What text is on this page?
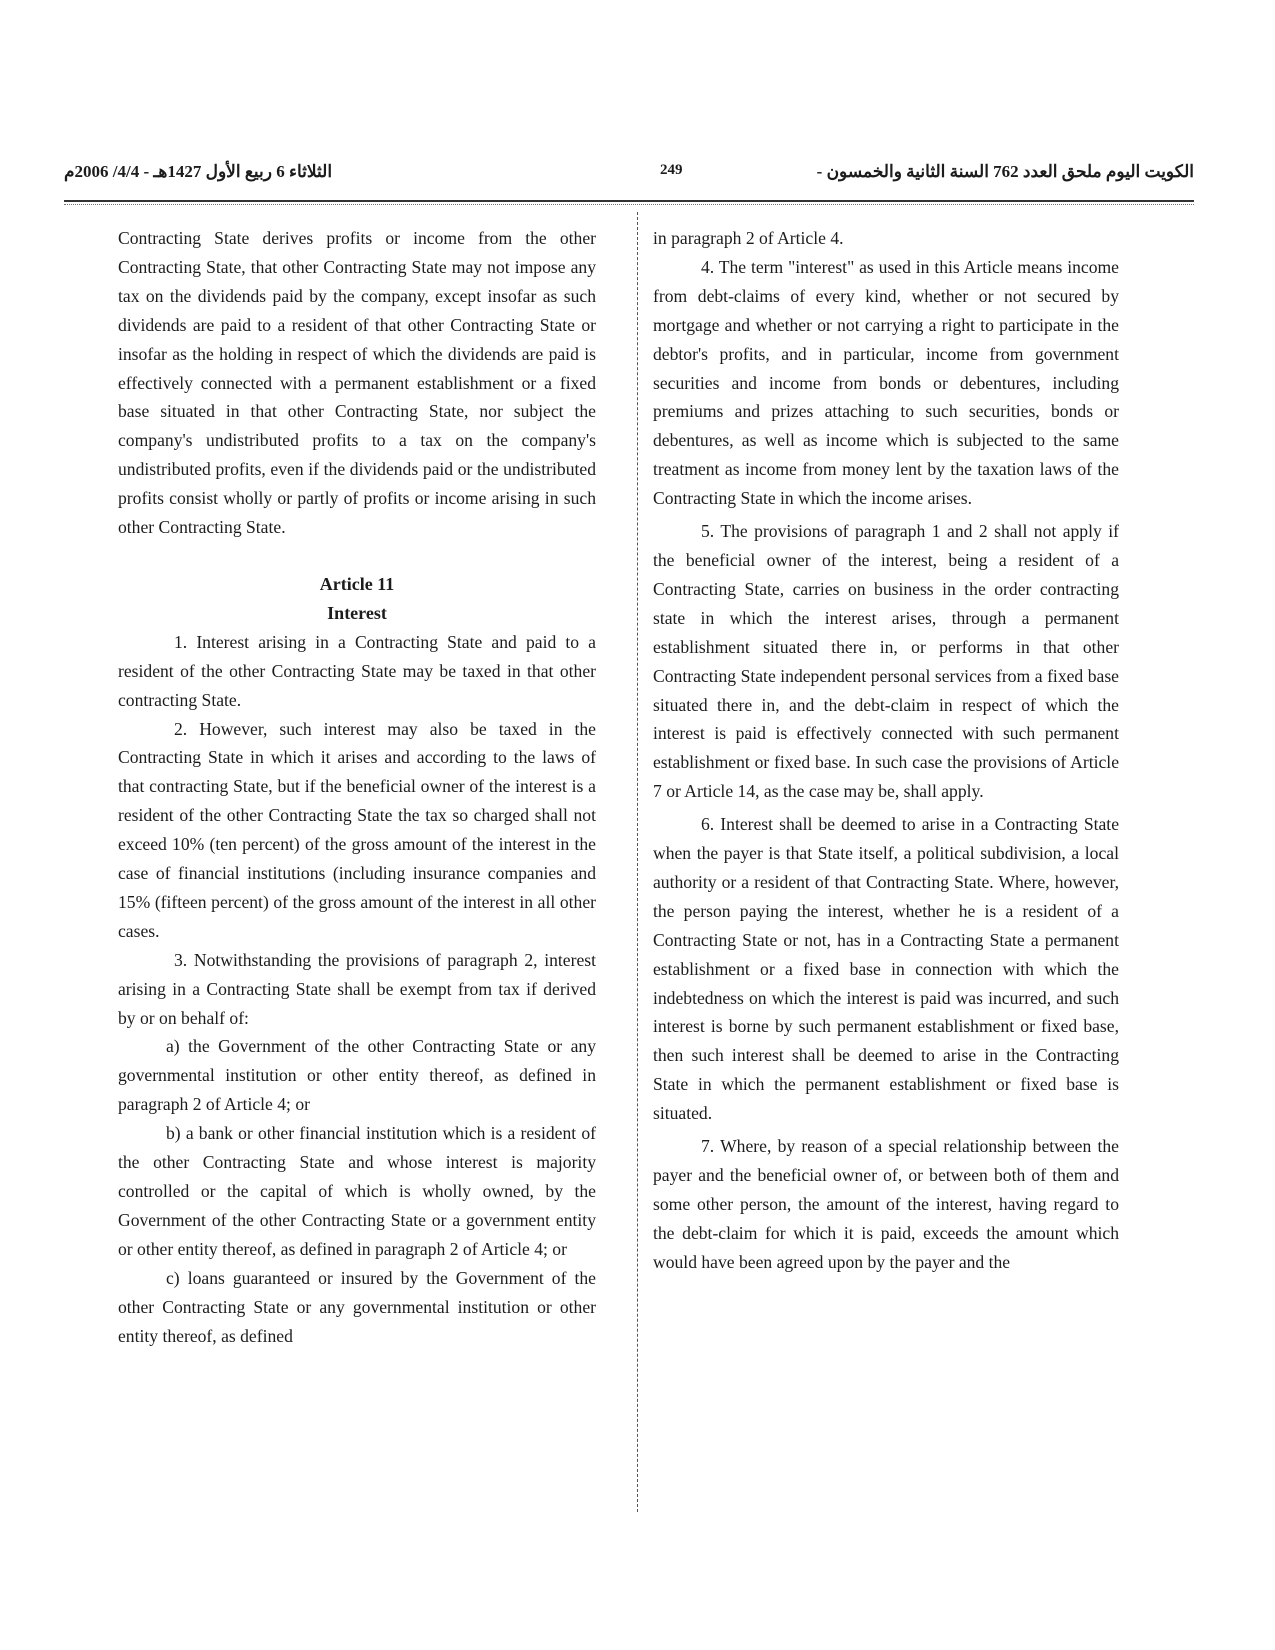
الثلاثاء 6 ربيع الأول 1427هـ - 4/4/ 2006م	249	الكويت اليوم ملحق العدد 762 السنة الثانية والخمسون -

Contracting State derives profits or income from the other Contracting State, that other Contracting State may not impose any tax on the dividends paid by the company, except insofar as such dividends are paid to a resident of that other Contracting State or insofar as the holding in respect of which the dividends are paid is effectively connected with a permanent establishment or a fixed base situated in that other Contracting State, nor subject the company's undistributed profits to a tax on the company's undistributed profits, even if the dividends paid or the undistributed profits consist wholly or partly of profits or income arising in such other Contracting State.

Article 11

Interest

1. Interest arising in a Contracting State and paid to a resident of the other Contracting State may be taxed in that other contracting State.

2. However, such interest may also be taxed in the Contracting State in which it arises and according to the laws of that contracting State, but if the beneficial owner of the interest is a resident of the other Contracting State the tax so charged shall not exceed 10% (ten percent) of the gross amount of the interest in the case of financial institutions (including insurance companies and 15% (fifteen percent) of the gross amount of the interest in all other cases.

3. Notwithstanding the provisions of paragraph 2, interest arising in a Contracting State shall be exempt from tax if derived by or on behalf of:

a) the Government of the other Contracting State or any governmental institution or other entity thereof, as defined in paragraph 2 of Article 4; or

b) a bank or other financial institution which is a resident of the other Contracting State and whose interest is majority controlled or the capital of which is wholly owned, by the Government of the other Contracting State or a government entity or other entity thereof, as defined in paragraph 2 of Article 4; or

c) loans guaranteed or insured by the Government of the other Contracting State or any governmental institution or other entity thereof, as defined

in paragraph 2 of Article 4.

4. The term "interest" as used in this Article means income from debt-claims of every kind, whether or not secured by mortgage and whether or not carrying a right to participate in the debtor's profits, and in particular, income from government securities and income from bonds or debentures, including premiums and prizes attaching to such securities, bonds or debentures, as well as income which is subjected to the same treatment as income from money lent by the taxation laws of the Contracting State in which the income arises.

5. The provisions of paragraph 1 and 2 shall not apply if the beneficial owner of the interest, being a resident of a Contracting State, carries on business in the order contracting state in which the interest arises, through a permanent establishment situated there in, or performs in that other Contracting State independent personal services from a fixed base situated there in, and the debt-claim in respect of which the interest is paid is effectively connected with such permanent establishment or fixed base. In such case the provisions of Article 7 or Article 14, as the case may be, shall apply.

6. Interest shall be deemed to arise in a Contracting State when the payer is that State itself, a political subdivision, a local authority or a resident of that Contracting State. Where, however, the person paying the interest, whether he is a resident of a Contracting State or not, has in a Contracting State a permanent establishment or a fixed base in connection with which the indebtedness on which the interest is paid was incurred, and such interest is borne by such permanent establishment or fixed base, then such interest shall be deemed to arise in the Contracting State in which the permanent establishment or fixed base is situated.

7. Where, by reason of a special relationship between the payer and the beneficial owner of, or between both of them and some other person, the amount of the interest, having regard to the debt-claim for which it is paid, exceeds the amount which would have been agreed upon by the payer and the
